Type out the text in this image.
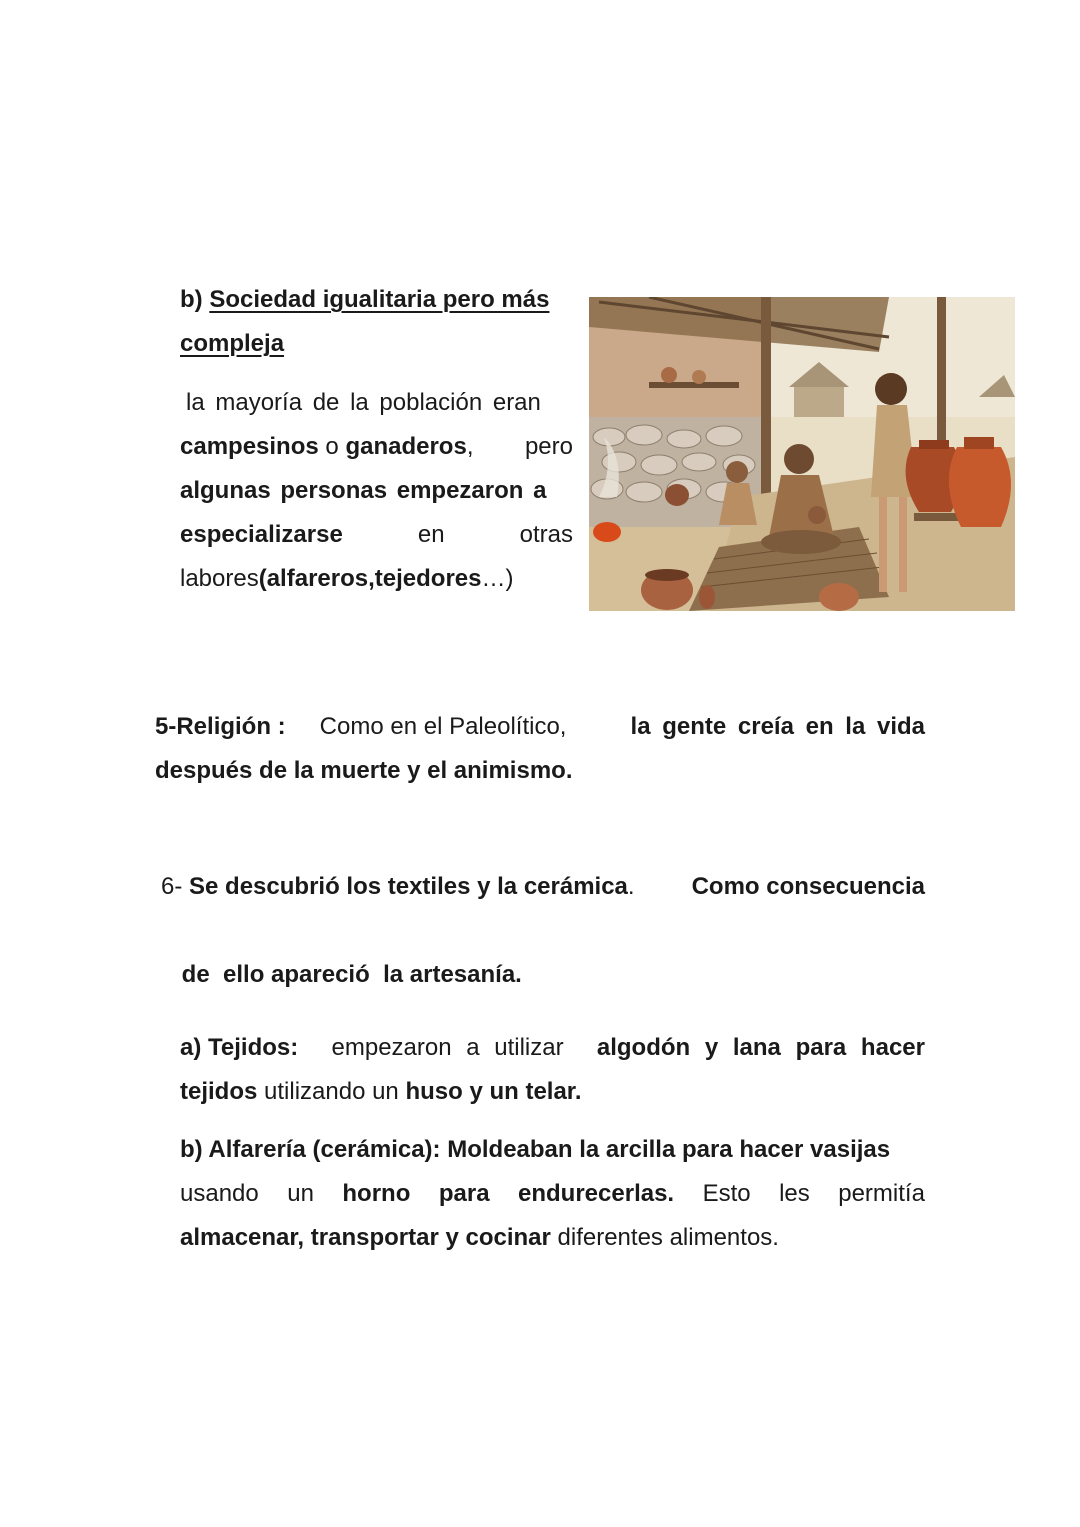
b) Sociedad igualitaria pero más
compleja
la mayoría de la población eran
campesinos o ganaderos, pero
algunas personas empezaron a
especializarse	en	otras
labores(alfareros,tejedores…)
5-Religión : Como en el Paleolítico,	la gente creía en la vida
después de la muerte y el animismo.
6- Se descubrió los textiles y la cerámica. Como consecuencia

de  ello apareció  la artesanía.

a) Tejidos: empezaron a utilizar algodón y lana para hacer
tejidos utilizando un huso y un telar.
b) Alfarería (cerámica): Moldeaban la arcilla para hacer vasijas
usando un horno para endurecerlas. Esto les permitía
almacenar, transportar y cocinar diferentes alimentos.
